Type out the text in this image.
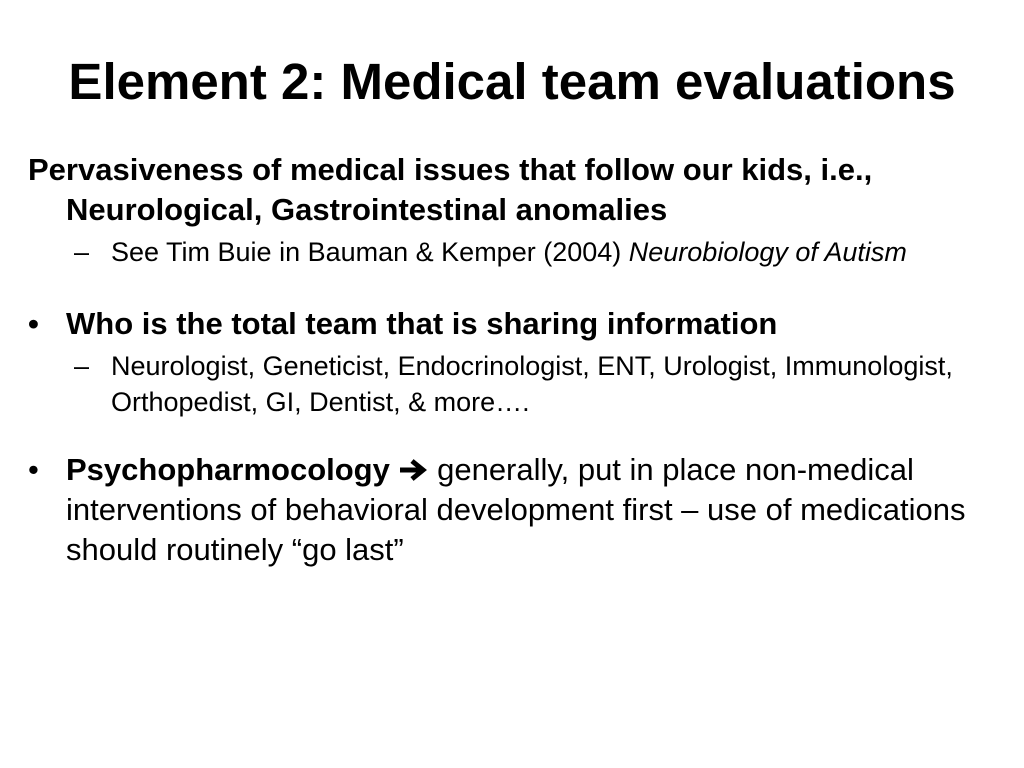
Element 2: Medical team evaluations
Pervasiveness of medical issues that follow our kids, i.e., Neurological, Gastrointestinal anomalies
– See Tim Buie in Bauman & Kemper (2004) Neurobiology of Autism
• Who is the total team that is sharing information
– Neurologist, Geneticist, Endocrinologist, ENT, Urologist, Immunologist, Orthopedist, GI, Dentist, & more….
• Psychopharmocology  generally, put in place non-medical interventions of behavioral development first – use of medications should routinely “go last”
